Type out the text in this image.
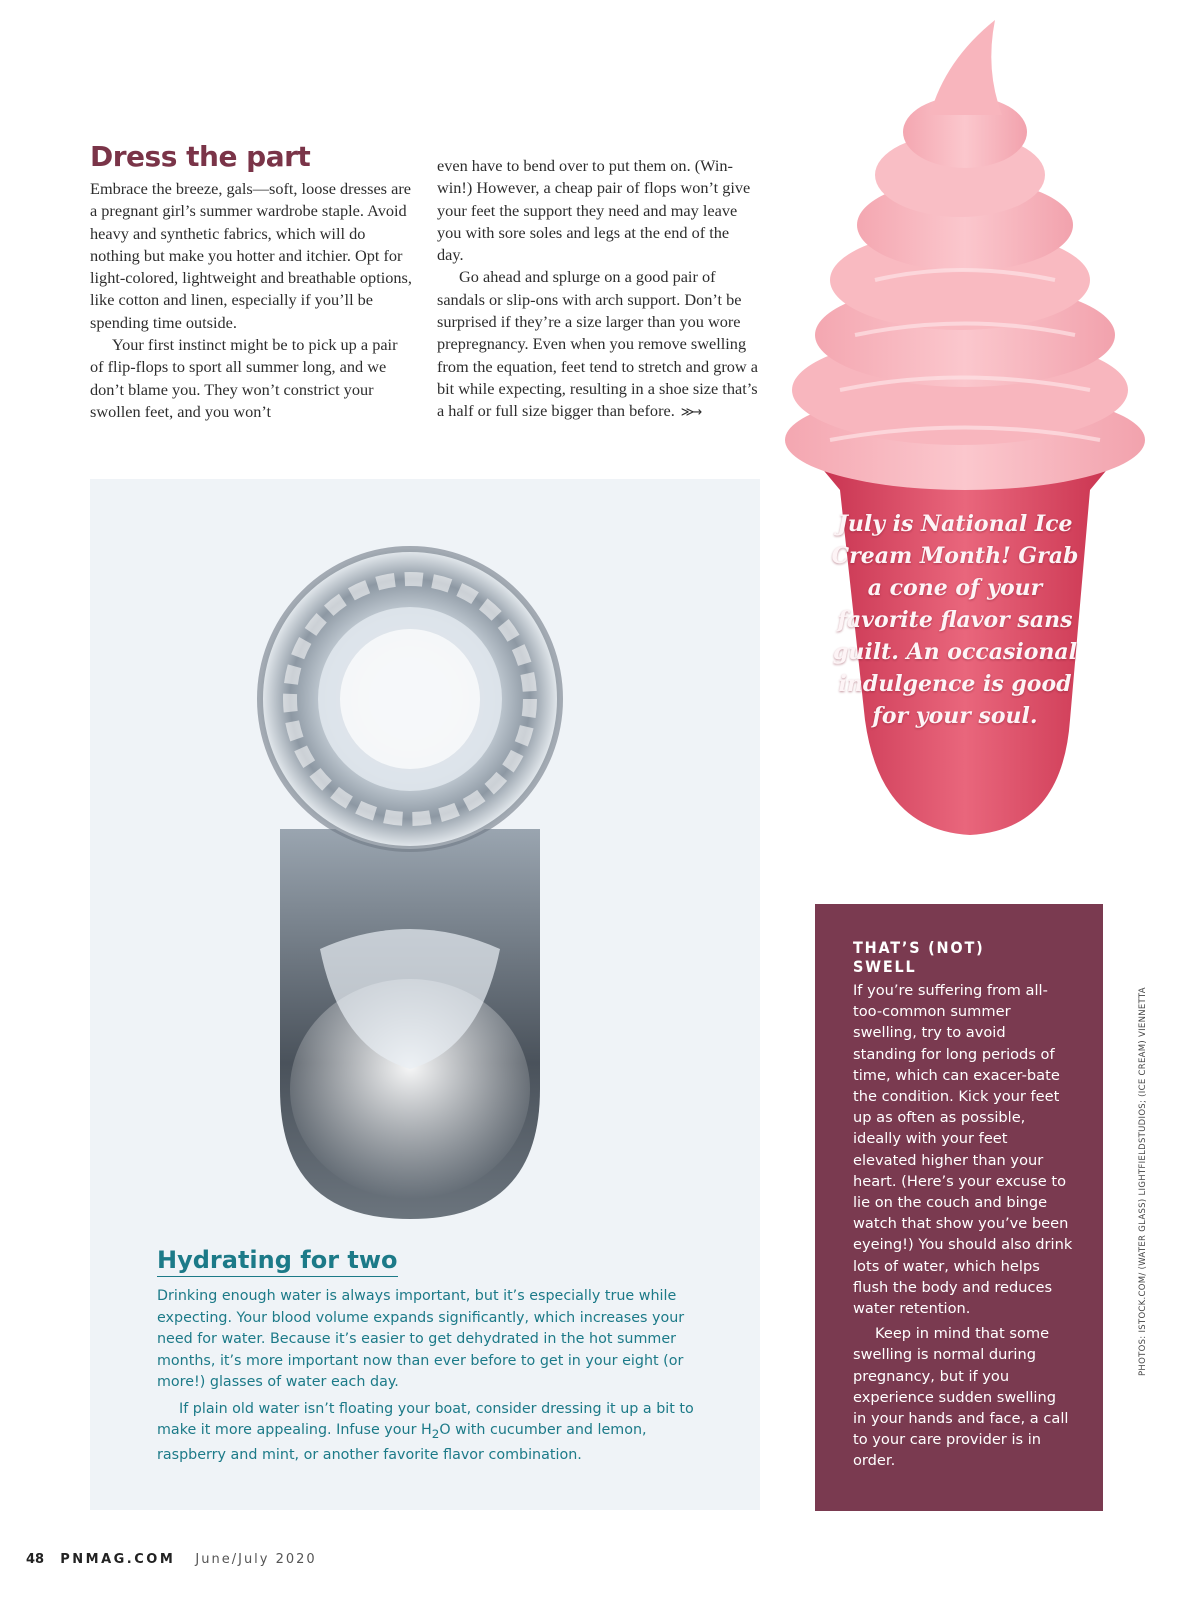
Dress the part

Embrace the breeze, gals—soft, loose dresses are a pregnant girl’s summer wardrobe staple. Avoid heavy and synthetic fabrics, which will do nothing but make you hotter and itchier. Opt for light-colored, lightweight and breathable options, like cotton and linen, especially if you’ll be spending time outside.

Your first instinct might be to pick up a pair of flip-flops to sport all summer long, and we don’t blame you. They won’t constrict your swollen feet, and you won’t

even have to bend over to put them on. (Win-win!) However, a cheap pair of flops won’t give your feet the support they need and may leave you with sore soles and legs at the end of the day.

Go ahead and splurge on a good pair of sandals or slip-ons with arch support. Don’t be surprised if they’re a size larger than you wore prepregnancy. Even when you remove swelling from the equation, feet tend to stretch and grow a bit while expecting, resulting in a shoe size that’s a half or full size bigger than before. ≫→

Hydrating for two

Drinking enough water is always important, but it’s especially true while expecting. Your blood volume expands significantly, which increases your need for water. Because it’s easier to get dehydrated in the hot summer months, it’s more important now than ever before to get in your eight (or more!) glasses of water each day.

If plain old water isn’t floating your boat, consider dressing it up a bit to make it more appealing. Infuse your $H_2O$ with cucumber and lemon, raspberry and mint, or another favorite flavor combination.

July is National Ice Cream Month! Grab a cone of your favorite flavor sans guilt. An occasional indulgence is good for your soul.
THAT’S (NOT) SWELL

If you’re suffering from all-too-common summer swelling, try to avoid standing for long periods of time, which can exacer-bate the condition. Kick your feet up as often as possible, ideally with your feet elevated higher than your heart. (Here’s your excuse to lie on the couch and binge watch that show you’ve been eyeing!) You should also drink lots of water, which helps flush the body and reduces water retention.

Keep in mind that some swelling is normal during pregnancy, but if you experience sudden swelling in your hands and face, a call to your care provider is in order.

PHOTOS: ISTOCK.COM/ (WATER GLASS) LIGHTFIELDSTUDIOS; (ICE CREAM) VIENNETTA
48 PNMAG.COM June/July 2020
